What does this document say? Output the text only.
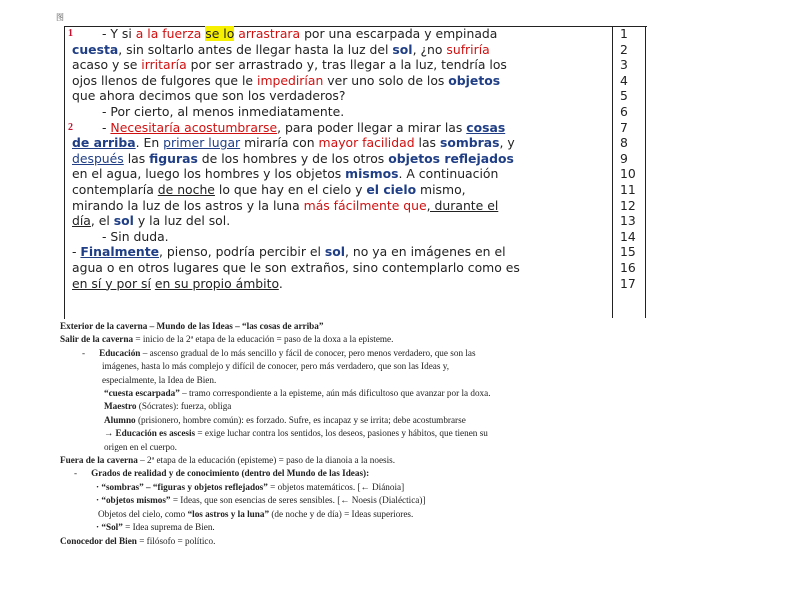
图
1
2
- Y si a la fuerza se lo arrastrara por una escarpada y empinada
cuesta, sin soltarlo antes de llegar hasta la luz del sol, ¿no sufriría
acaso y se irritaría por ser arrastrado y, tras llegar a la luz, tendría los
ojos llenos de fulgores que le impedirían ver uno solo de los objetos
que ahora decimos que son los verdaderos?
- Por cierto, al menos inmediatamente.
- Necesitaría acostumbrarse, para poder llegar a mirar las cosas
de arriba. En primer lugar miraría con mayor facilidad las sombras, y
después las figuras de los hombres y de los otros objetos reflejados
en el agua, luego los hombres y los objetos mismos. A continuación
contemplaría de noche lo que hay en el cielo y el cielo mismo,
mirando la luz de los astros y la luna más fácilmente que, durante el
día, el sol y la luz del sol.
- Sin duda.
- Finalmente, pienso, podría percibir el sol, no ya en imágenes en el
agua o en otros lugares que le son extraños, sino contemplarlo como es
en sí y por sí en su propio ámbito.
1
2
3
4
5
6
7
8
9
10
11
12
13
14
15
16
17
Exterior de la caverna – Mundo de las Ideas – “las cosas de arriba”
Salir de la caverna = inicio de la 2ª etapa de la educación = paso de la doxa a la episteme.
- Educación – ascenso gradual de lo más sencillo y fácil de conocer, pero menos verdadero, que son las
imágenes, hasta lo más complejo y difícil de conocer, pero más verdadero, que son las Ideas y,
especialmente, la Idea de Bien.
“cuesta escarpada” – tramo correspondiente a la episteme, aún más dificultoso que avanzar por la doxa.
Maestro (Sócrates): fuerza, obliga
Alumno (prisionero, hombre común): es forzado. Sufre, es incapaz y se irrita; debe acostumbrarse
→ Educación es ascesis = exige luchar contra los sentidos, los deseos, pasiones y hábitos, que tienen su
origen en el cuerpo.
Fuera de la caverna – 2ª etapa de la educación (episteme) = paso de la dianoia a la noesis.
- Grados de realidad y de conocimiento (dentro del Mundo de las Ideas):
· “sombras” – “figuras y objetos reflejados” = objetos matemáticos. [← Diánoia]
· “objetos mismos” = Ideas, que son esencias de seres sensibles. [← Noesis (Dialéctica)]
Objetos del cielo, como “los astros y la luna” (de noche y de día) = Ideas superiores.
· “Sol” = Idea suprema de Bien.
Conocedor del Bien = filósofo = político.
